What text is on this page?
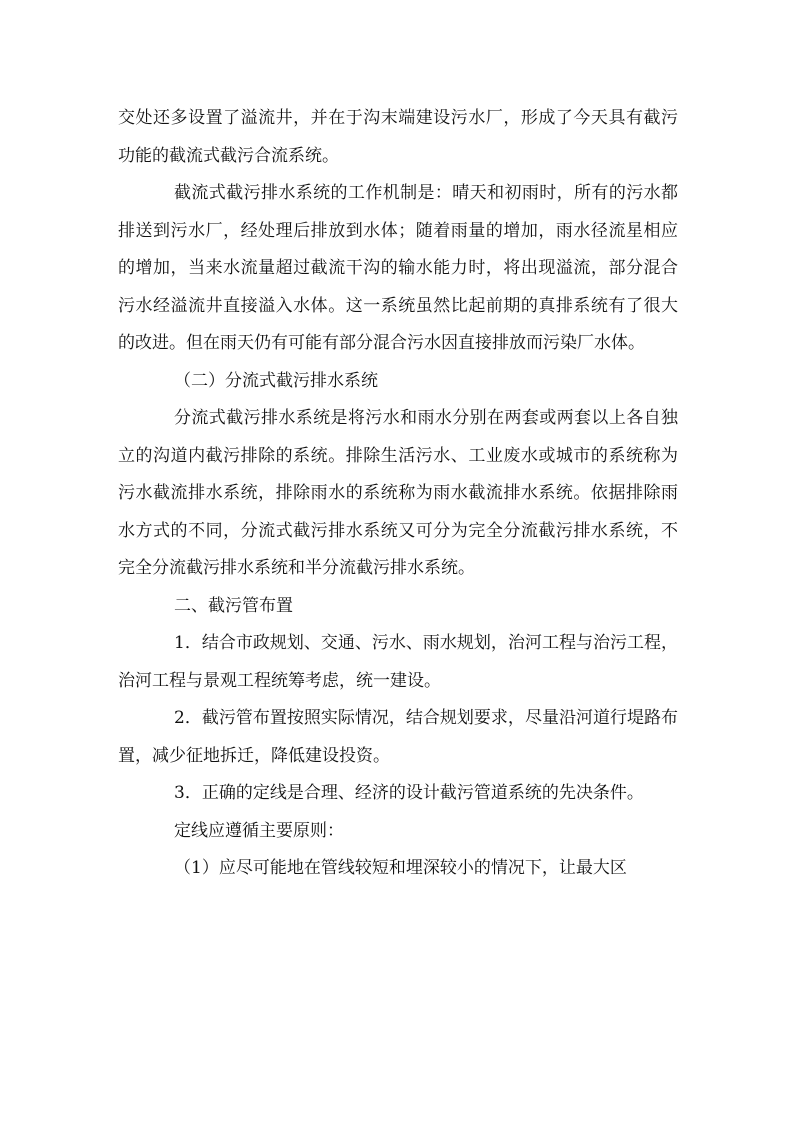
交处还多设置了溢流井，并在于沟末端建设污水厂，形成了今天具有截污功能的截流式截污合流系统。

截流式截污排水系统的工作机制是：晴天和初雨时，所有的污水都排送到污水厂，经处理后排放到水体；随着雨量的增加，雨水径流星相应的增加，当来水流量超过截流干沟的输水能力时，将出现溢流，部分混合污水经溢流井直接溢入水体。这一系统虽然比起前期的真排系统有了很大的改进。但在雨天仍有可能有部分混合污水因直接排放而污染厂水体。

（二）分流式截污排水系统

分流式截污排水系统是将污水和雨水分别在两套或两套以上各自独立的沟道内截污排除的系统。排除生活污水、工业废水或城市的系统称为污水截流排水系统，排除雨水的系统称为雨水截流排水系统。依据排除雨水方式的不同，分流式截污排水系统又可分为完全分流截污排水系统，不完全分流截污排水系统和半分流截污排水系统。

二、截污管布置

1．结合市政规划、交通、污水、雨水规划，治河工程与治污工程，治河工程与景观工程统筹考虑，统一建设。

2．截污管布置按照实际情况，结合规划要求，尽量沿河道行堤路布置，减少征地拆迁，降低建设投资。

3．正确的定线是合理、经济的设计截污管道系统的先决条件。

定线应遵循主要原则：

（1）应尽可能地在管线较短和埋深较小的情况下，让最大区
